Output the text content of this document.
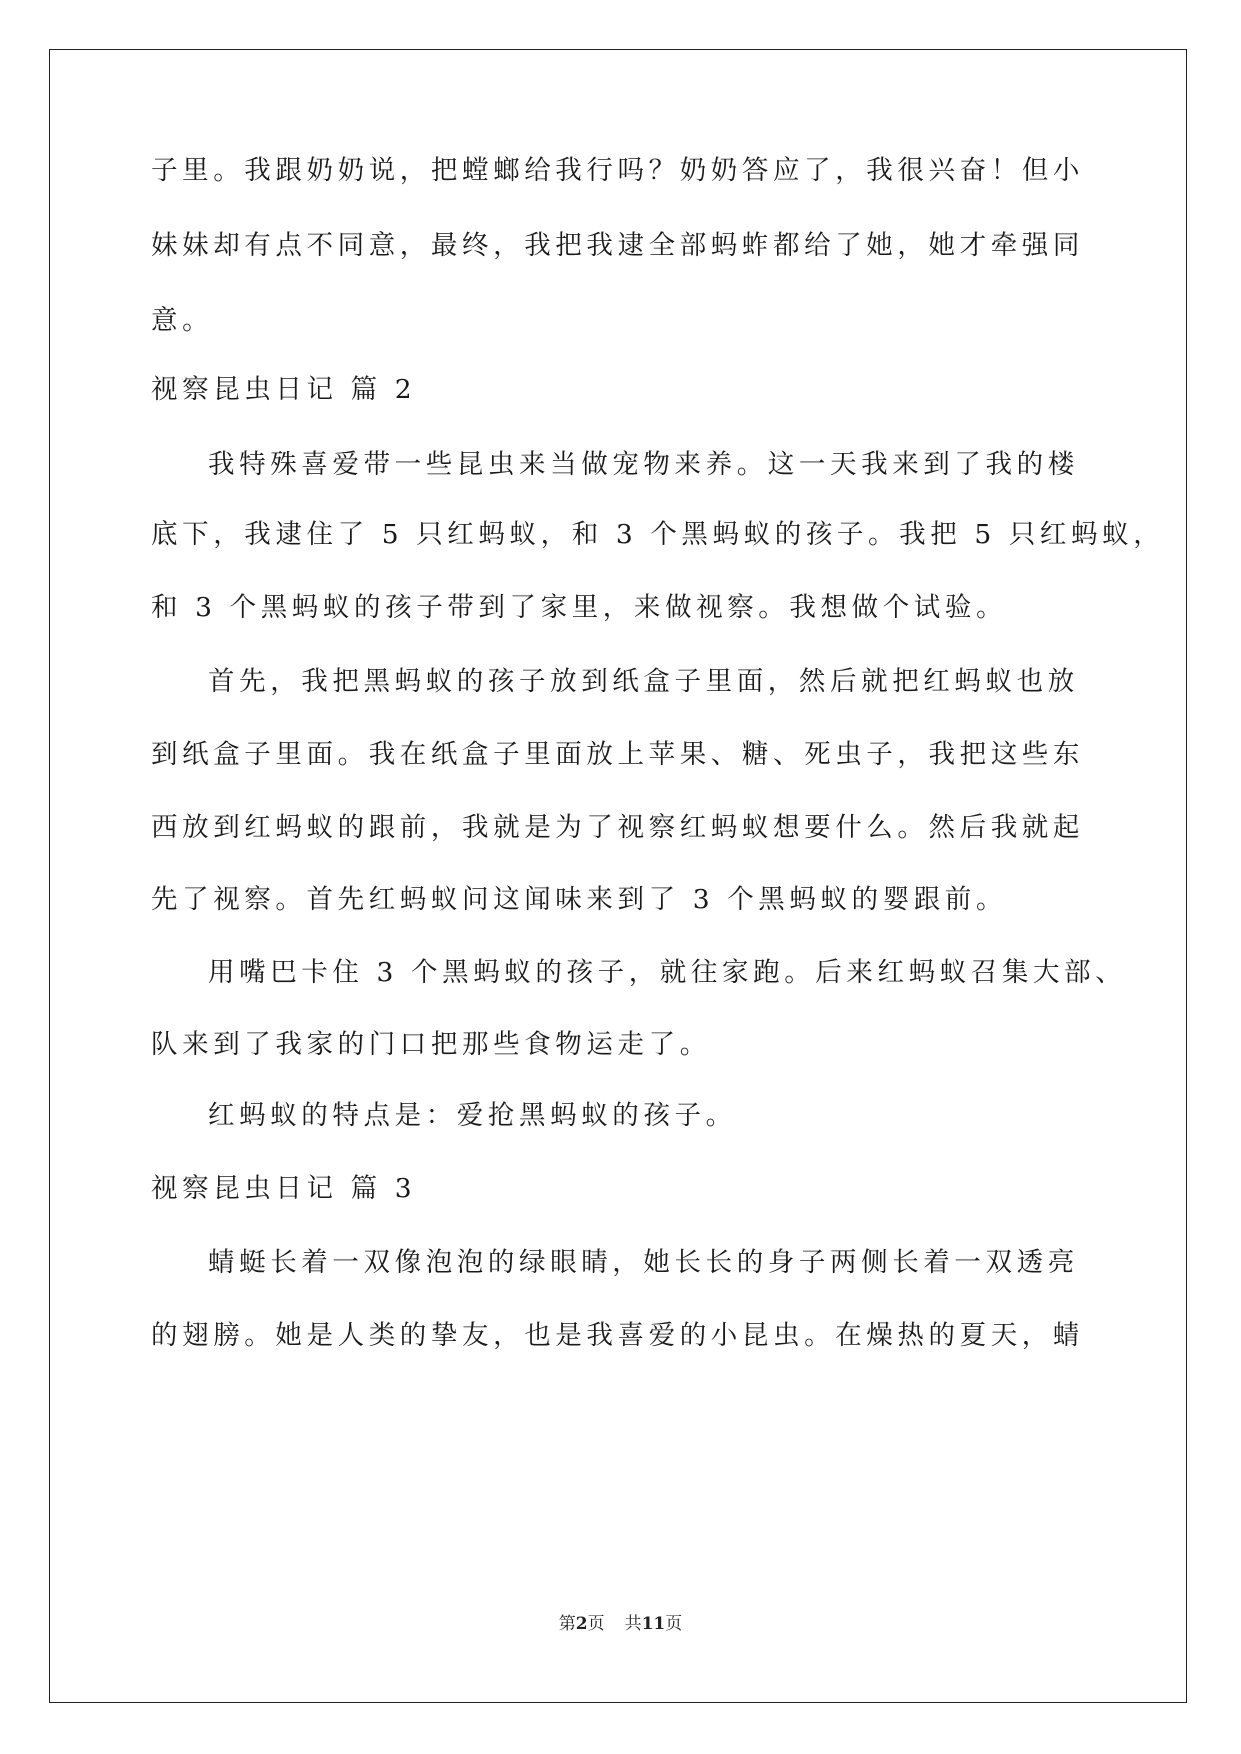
子里。我跟奶奶说，把螳螂给我行吗？奶奶答应了，我很兴奋！但小
妹妹却有点不同意，最终，我把我逮全部蚂蚱都给了她，她才牵强同
意。
视察昆虫日记 篇 2
我特殊喜爱带一些昆虫来当做宠物来养。这一天我来到了我的楼
底下，我逮住了 5 只红蚂蚁，和 3 个黑蚂蚁的孩子。我把 5 只红蚂蚁，
和 3 个黑蚂蚁的孩子带到了家里，来做视察。我想做个试验。
首先，我把黑蚂蚁的孩子放到纸盒子里面，然后就把红蚂蚁也放
到纸盒子里面。我在纸盒子里面放上苹果、糖、死虫子，我把这些东
西放到红蚂蚁的跟前，我就是为了视察红蚂蚁想要什么。然后我就起
先了视察。首先红蚂蚁问这闻味来到了 3 个黑蚂蚁的婴跟前。
用嘴巴卡住 3 个黑蚂蚁的孩子，就往家跑。后来红蚂蚁召集大部、
队来到了我家的门口把那些食物运走了。
红蚂蚁的特点是：爱抢黑蚂蚁的孩子。
视察昆虫日记 篇 3
蜻蜓长着一双像泡泡的绿眼睛，她长长的身子两侧长着一双透亮
的翅膀。她是人类的挚友，也是我喜爱的小昆虫。在燥热的夏天，蜻
第2页 共11页
